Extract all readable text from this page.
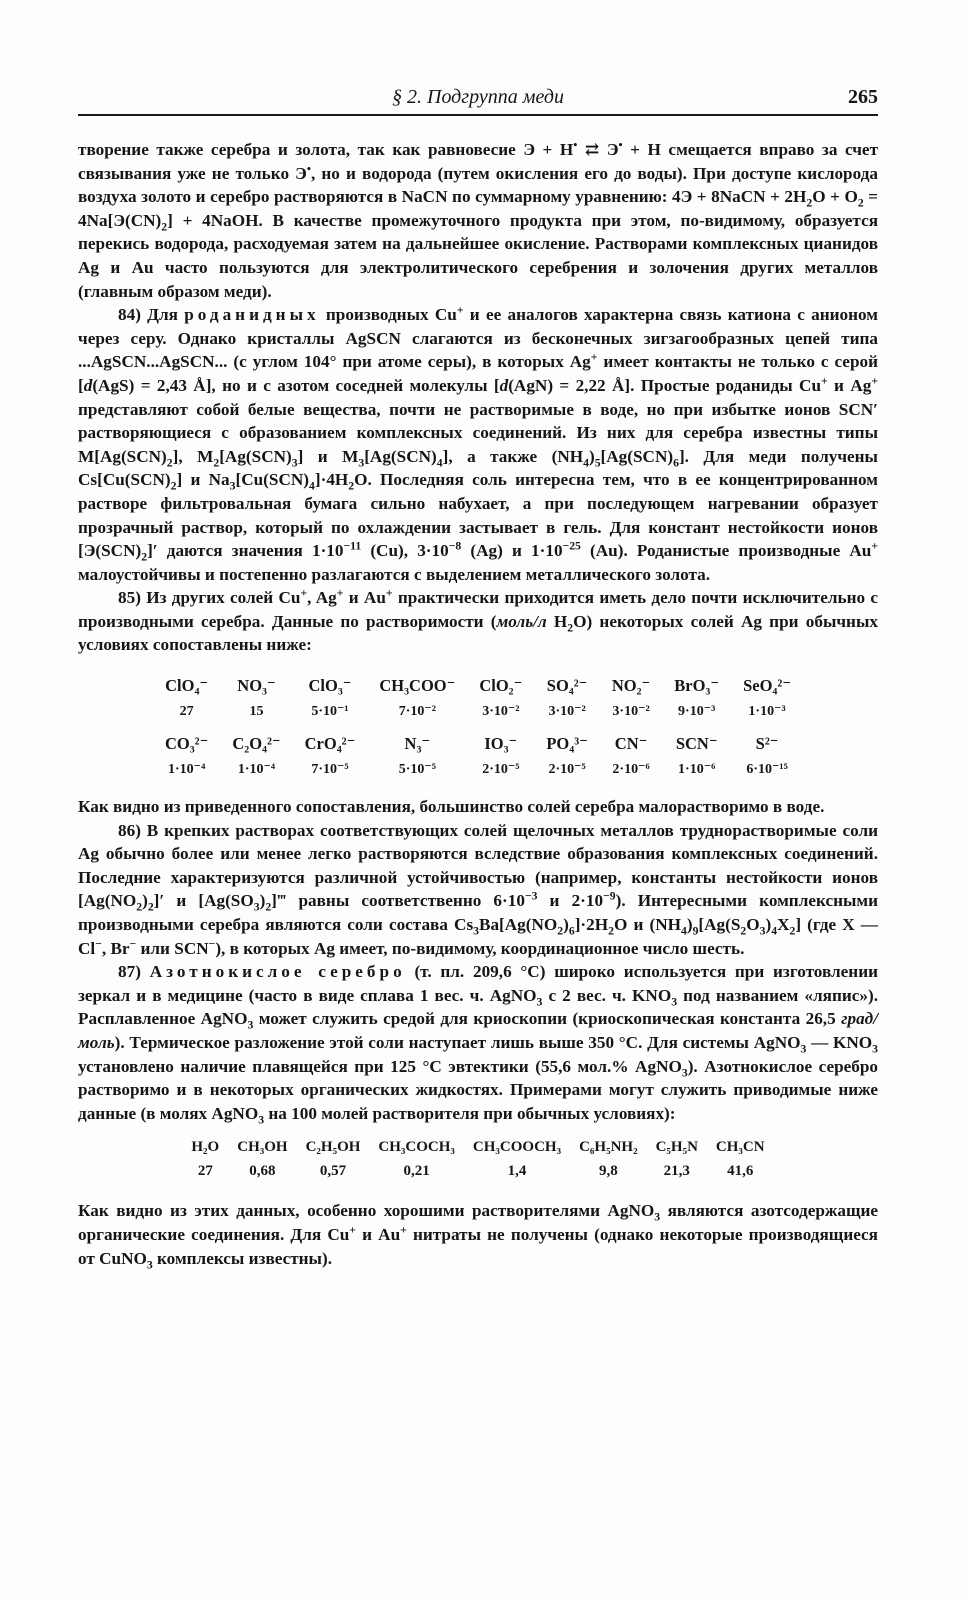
§ 2. Подгруппа меди	265

творение также серебра и золота, так как равновесие Э + H• ⇄ Э• + H смещается вправо за счет связывания уже не только Э•, но и водорода (путем окисления его до воды). При доступе кислорода воздуха золото и серебро растворяются в NaCN по суммарному уравнению: 4Э + 8NaCN + $2H_2O + O_2 = 4Na[Э(CN)_2]$ + 4NaOH. В качестве промежуточного продукта при этом, по-видимому, образуется перекись водорода, расходуемая затем на дальнейшее окисление. Растворами комплексных цианидов Ag и Au часто пользуются для электролитического серебрения и золочения других металлов (главным образом меди).

84) Для роданидных производных Cu+ и ее аналогов характерна связь катиона с анионом через серу. Однако кристаллы AgSCN слагаются из бесконечных зигзагообразных цепей типа ...AgSCN...AgSCN... (с углом 104° при атоме серы), в которых Ag+ имеет контакты не только с серой [d(AgS) = 2,43 Å], но и с азотом соседней молекулы [d(AgN) = 2,22 Å]. Простые роданиды Cu+ и Ag+ представляют собой белые вещества, почти не растворимые в воде, но при избытке ионов SCN′ растворяющиеся с образованием комплексных соединений. Из них для серебра известны типы $M[Ag(SCN)_2]$, $M_2[Ag(SCN)_3]$ и $M_3[Ag(SCN)_4]$, а также $(NH_4)_5[Ag(SCN)_6]$. Для меди получены $Cs[Cu(SCN)_2]$ и $Na_3[Cu(SCN)_4]\cdot 4H_2O$. Последняя соль интересна тем, что в ее концентрированном растворе фильтровальная бумага сильно набухает, а при последующем нагревании образует прозрачный раствор, который по охлаждении застывает в гель. Для констант нестойкости ионов $[Э(SCN)_2]'$ даются значения $1\cdot 10^{-11}$ (Cu), $3\cdot 10^{-8}$ (Ag) и $1\cdot 10^{-25}$ (Au). Роданистые производные Au+ малоустойчивы и постепенно разлагаются с выделением металлического золота.

85) Из других солей Cu+, Ag+ и Au+ практически приходится иметь дело почти исключительно с производными серебра. Данные по растворимости (моль/л $H_2O$) некоторых солей Ag при обычных условиях сопоставлены ниже:

ClO₄⁻	NO₃⁻	ClO₃⁻	CH₃COO⁻	ClO₂⁻	SO₄²⁻	NO₂⁻	BrO₃⁻	SeO₄²⁻
27	15	5·10⁻¹	7·10⁻²	3·10⁻²	3·10⁻²	3·10⁻²	9·10⁻³	1·10⁻³
CO₃²⁻	C₂O₄²⁻	CrO₄²⁻	N₃⁻	IO₃⁻	PO₄³⁻	CN⁻	SCN⁻	S²⁻
1·10⁻⁴	1·10⁻⁴	7·10⁻⁵	5·10⁻⁵	2·10⁻⁵	2·10⁻⁵	2·10⁻⁶	1·10⁻⁶	6·10⁻¹⁵

Как видно из приведенного сопоставления, большинство солей серебра малорастворимо в воде.

86) В крепких растворах соответствующих солей щелочных металлов труднорастворимые соли Ag обычно более или менее легко растворяются вследствие образования комплексных соединений. Последние характеризуются различной устойчивостью (например, константы нестойкости ионов $[Ag(NO_2)_2]'$ и $[Ag(SO_3)_2]‴$ равны соответственно $6\cdot 10^{-3}$ и $2\cdot 10^{-9}$). Интересными комплексными производными серебра являются соли состава $Cs_3Ba[Ag(NO_2)_6]\cdot 2H_2O$ и $(NH_4)_9[Ag(S_2O_3)_4X_2]$ (где X — Cl−, Br− или SCN−), в которых Ag имеет, по-видимому, координационное число шесть.

87) Азотнокислое серебро (т. пл. 209,6 °C) широко используется при изготовлении зеркал и в медицине (часто в виде сплава 1 вес. ч. AgNO$_3$ с 2 вес. ч. $KNO_3$ под названием «ляпис»). Расплавленное AgNO$_3$ может служить средой для криоскопии (криоскопическая константа 26,5 град/моль). Термическое разложение этой соли наступает лишь выше 350 °C. Для системы AgNO$_3$ — $KNO_3$ установлено наличие плавящейся при 125 °C эвтектики (55,6 мол.% AgNO$_3$). Азотнокислое серебро растворимо и в некоторых органических жидкостях. Примерами могут служить приводимые ниже данные (в молях AgNO$_3$ на 100 молей растворителя при обычных условиях):

H₂O	CH₃OH	C₂H₅OH	CH₃COCH₃	CH₃COOCH₃	C₆H₅NH₂	C₅H₅N	CH₃CN
27	0,68	0,57	0,21	1,4	9,8	21,3	41,6

Как видно из этих данных, особенно хорошими растворителями AgNO$_3$ являются азотсодержащие органические соединения. Для Cu+ и Au+ нитраты не получены (однако некоторые производящиеся от CuNO$_3$ комплексы известны).
